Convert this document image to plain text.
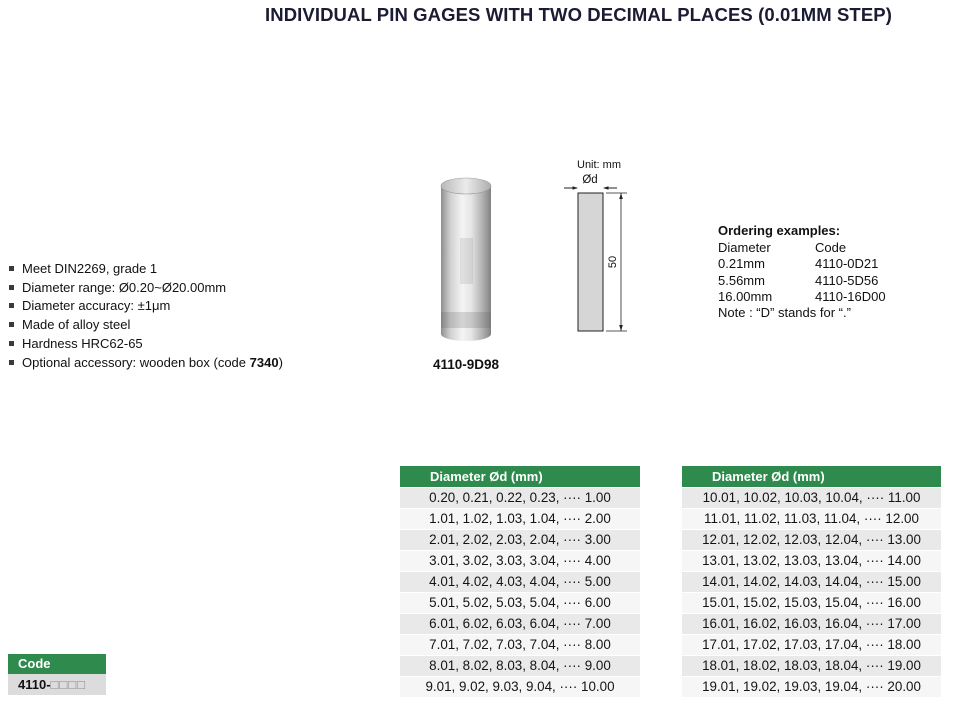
INDIVIDUAL PIN GAGES WITH TWO DECIMAL PLACES (0.01MM STEP)
Meet DIN2269, grade 1
Diameter range: Ø0.20~Ø20.00mm
Diameter accuracy: ±1μm
Made of alloy steel
Hardness HRC62-65
Optional accessory: wooden box (code 7340)	4110-9D98
Unit: mm
Ød
50
Ordering examples:
Diameter	Code
0.21mm	4110-0D21
5.56mm	4110-5D56
16.00mm	4110-16D00
Note : “D” stands for “.”
Diameter Ød (mm)
0.20, 0.21, 0.22, 0.23, ···· 1.00
1.01, 1.02, 1.03, 1.04, ···· 2.00
2.01, 2.02, 2.03, 2.04, ···· 3.00
3.01, 3.02, 3.03, 3.04, ···· 4.00
4.01, 4.02, 4.03, 4.04, ···· 5.00
5.01, 5.02, 5.03, 5.04, ···· 6.00
6.01, 6.02, 6.03, 6.04, ···· 7.00
7.01, 7.02, 7.03, 7.04, ···· 8.00
8.01, 8.02, 8.03, 8.04, ···· 9.00
9.01, 9.02, 9.03, 9.04, ···· 10.00
Diameter Ød (mm)
10.01, 10.02, 10.03, 10.04, ···· 11.00
11.01, 11.02, 11.03, 11.04, ···· 12.00
12.01, 12.02, 12.03, 12.04, ···· 13.00
13.01, 13.02, 13.03, 13.04, ···· 14.00
14.01, 14.02, 14.03, 14.04, ···· 15.00
15.01, 15.02, 15.03, 15.04, ···· 16.00
16.01, 16.02, 16.03, 16.04, ···· 17.00
17.01, 17.02, 17.03, 17.04, ···· 18.00
18.01, 18.02, 18.03, 18.04, ···· 19.00
19.01, 19.02, 19.03, 19.04, ···· 20.00
Code
4110-□□□□
